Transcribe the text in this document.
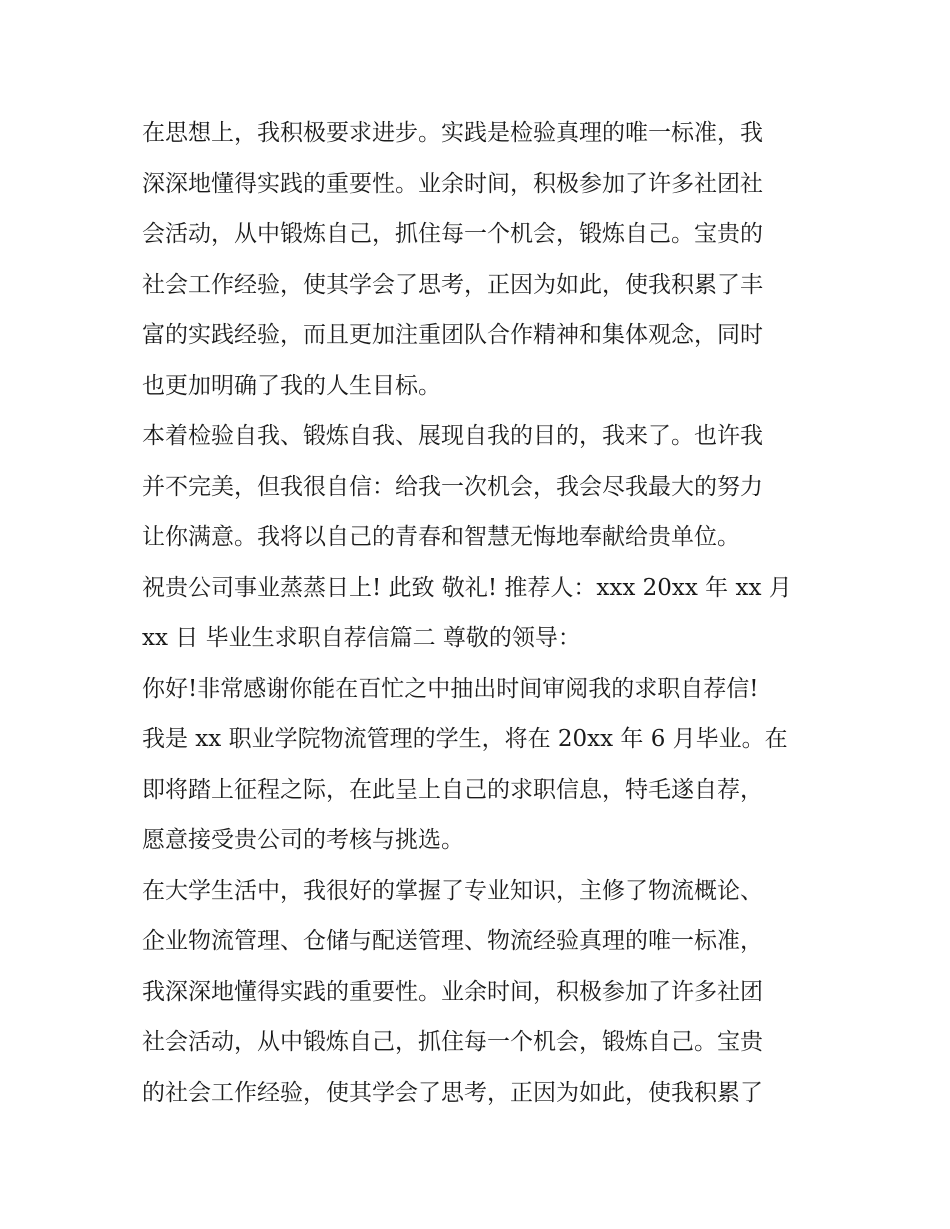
在思想上，我积极要求进步。实践是检验真理的唯一标准，我
深深地懂得实践的重要性。业余时间，积极参加了许多社团社
会活动，从中锻炼自己，抓住每一个机会，锻炼自己。宝贵的
社会工作经验，使其学会了思考，正因为如此，使我积累了丰
富的实践经验，而且更加注重团队合作精神和集体观念，同时
也更加明确了我的人生目标。
本着检验自我、锻炼自我、展现自我的目的，我来了。也许我
并不完美，但我很自信：给我一次机会，我会尽我最大的努力
让你满意。我将以自己的青春和智慧无悔地奉献给贵单位。
祝贵公司事业蒸蒸日上! 此致 敬礼! 推荐人：xxx 20xx 年 xx 月
xx 日 毕业生求职自荐信篇二 尊敬的领导：
你好!非常感谢你能在百忙之中抽出时间审阅我的求职自荐信!
我是 xx 职业学院物流管理的学生，将在 20xx 年 6 月毕业。在
即将踏上征程之际，在此呈上自己的求职信息，特毛遂自荐，
愿意接受贵公司的考核与挑选。
在大学生活中，我很好的掌握了专业知识，主修了物流概论、
企业物流管理、仓储与配送管理、物流经验真理的唯一标准，
我深深地懂得实践的重要性。业余时间，积极参加了许多社团
社会活动，从中锻炼自己，抓住每一个机会，锻炼自己。宝贵
的社会工作经验，使其学会了思考，正因为如此，使我积累了
